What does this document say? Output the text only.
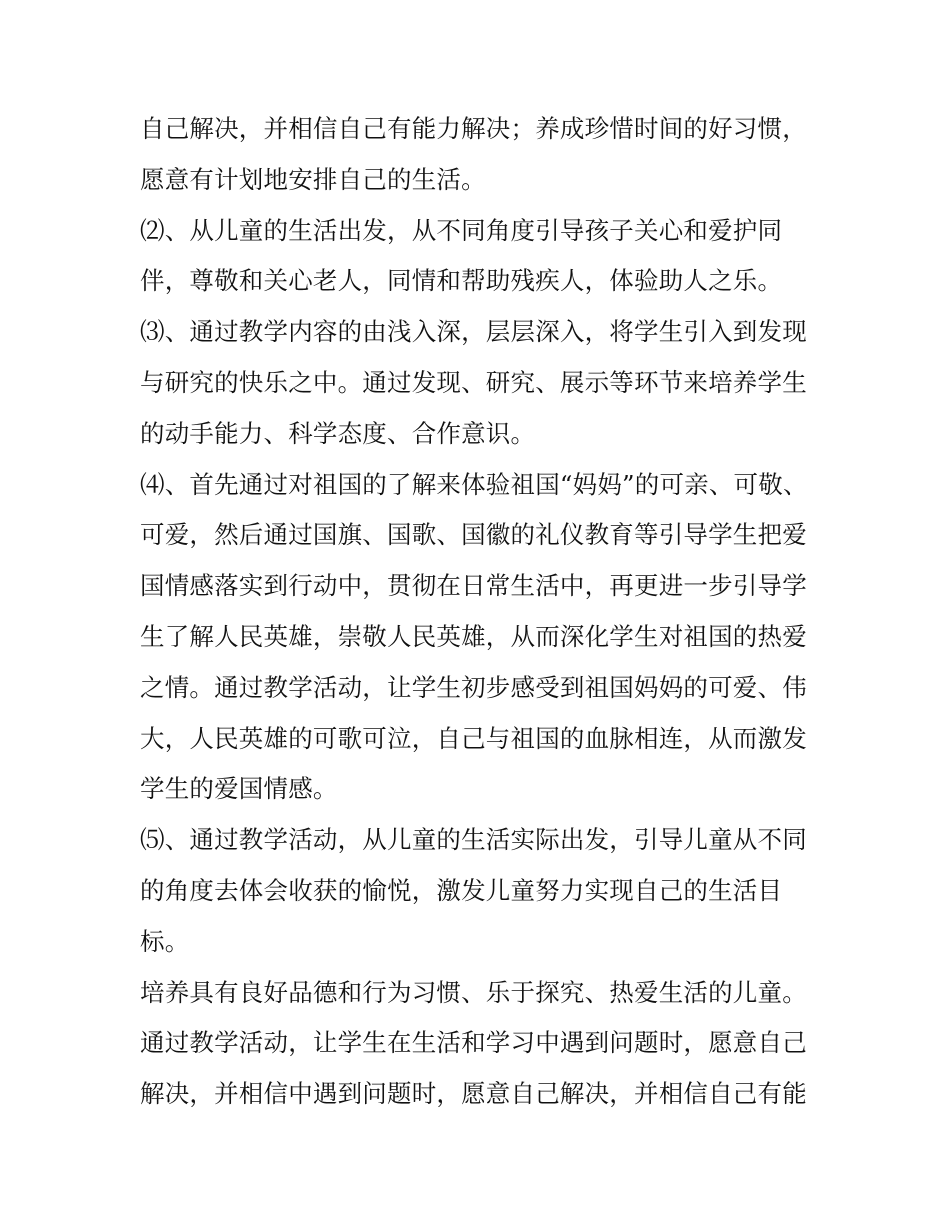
自己解决，并相信自己有能力解决；养成珍惜时间的好习惯，
愿意有计划地安排自己的生活。
⑵、从儿童的生活出发，从不同角度引导孩子关心和爱护同
伴，尊敬和关心老人，同情和帮助残疾人，体验助人之乐。
⑶、通过教学内容的由浅入深，层层深入，将学生引入到发现
与研究的快乐之中。通过发现、研究、展示等环节来培养学生
的动手能力、科学态度、合作意识。
⑷、首先通过对祖国的了解来体验祖国“妈妈”的可亲、可敬、
可爱，然后通过国旗、国歌、国徽的礼仪教育等引导学生把爱
国情感落实到行动中，贯彻在日常生活中，再更进一步引导学
生了解人民英雄，崇敬人民英雄，从而深化学生对祖国的热爱
之情。通过教学活动，让学生初步感受到祖国妈妈的可爱、伟
大，人民英雄的可歌可泣，自己与祖国的血脉相连，从而激发
学生的爱国情感。
⑸、通过教学活动，从儿童的生活实际出发，引导儿童从不同
的角度去体会收获的愉悦，激发儿童努力实现自己的生活目
标。
培养具有良好品德和行为习惯、乐于探究、热爱生活的儿童。
通过教学活动，让学生在生活和学习中遇到问题时，愿意自己
解决，并相信中遇到问题时，愿意自己解决，并相信自己有能
